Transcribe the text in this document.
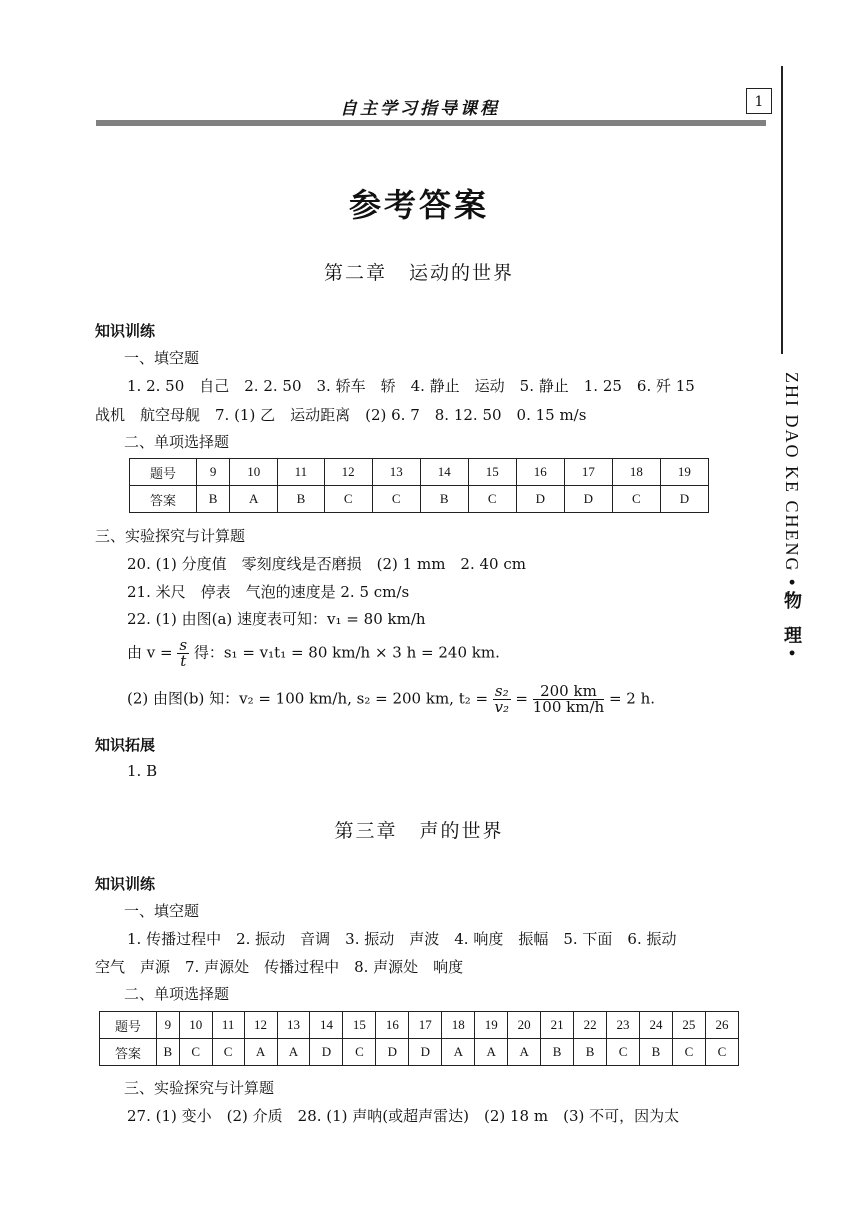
自主学习指导课程	1
ZHI DAO KE CHENG •物 理•
参考答案
第二章 运动的世界
知识训练
一、填空题
1. 2. 50　自己　2. 2. 50　3. 轿车　轿　4. 静止　运动　5. 静止　1. 25　6. 歼 15
战机　航空母舰　7. (1) 乙　运动距离　(2) 6. 7　8. 12. 50　0. 15 m/s
二、单项选择题
题号	9	10	11	12	13	14	15	16	17	18	19
答案	B	A	B	C	C	B	C	D	D	C	D
三、实验探究与计算题
20. (1) 分度值　零刻度线是否磨损　(2) 1 mm　2. 40 cm
21. 米尺　停表　气泡的速度是 2. 5 cm/s
22. (1) 由图(a) 速度表可知：v₁ = 80 km/h
由 $v = \frac{s}{t}$ 得：s₁ = v₁t₁ = 80 km/h × 3 h = 240 km.
(2) 由图(b) 知：v₂ = 100 km/h, s₂ = 200 km, $t_2 = \frac{\text{s₂}}{\text{v₂}} = \frac{200 km}{100 km/h} = 2$ h.
知识拓展
1. B
第三章 声的世界
知识训练
一、填空题
1. 传播过程中　2. 振动　音调　3. 振动　声波　4. 响度　振幅　5. 下面　6. 振动
空气　声源　7. 声源处　传播过程中　8. 声源处　响度
二、单项选择题
题号	9	10	11	12	13	14	15	16	17	18	19	20	21	22	23	24	25	26
答案	B	C	C	A	A	D	C	D	D	A	A	A	B	B	C	B	C	C
三、实验探究与计算题
27. (1) 变小　(2) 介质　28. (1) 声呐(或超声雷达)　(2) 18 m　(3) 不可，因为太
